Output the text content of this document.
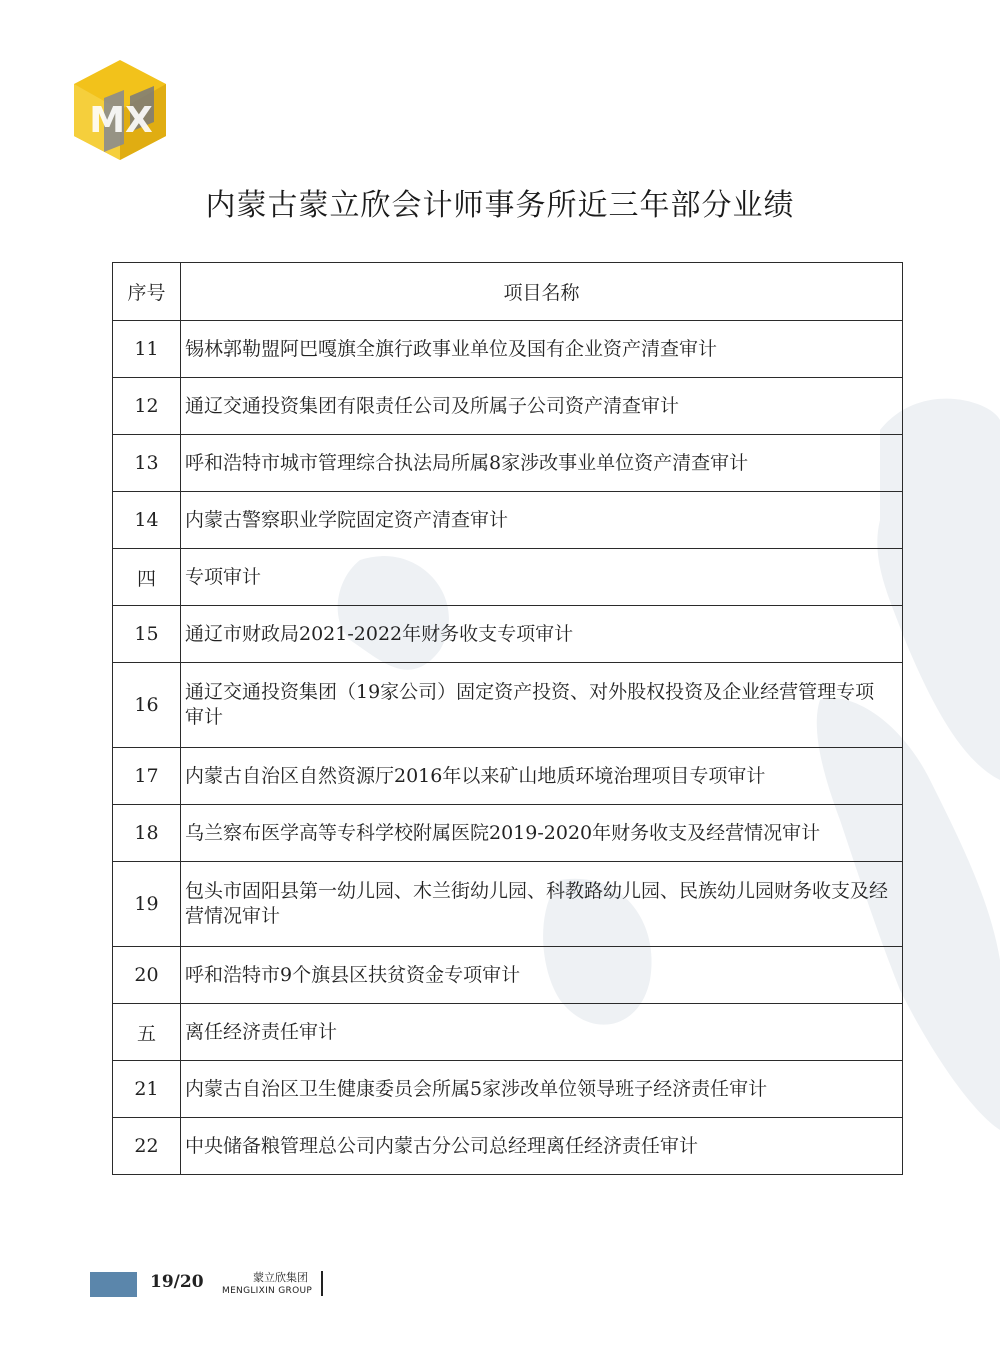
MX
内蒙古蒙立欣会计师事务所近三年部分业绩
序号	项目名称
11	锡林郭勒盟阿巴嘎旗全旗行政事业单位及国有企业资产清查审计
12	通辽交通投资集团有限责任公司及所属子公司资产清查审计
13	呼和浩特市城市管理综合执法局所属8家涉改事业单位资产清查审计
14	内蒙古警察职业学院固定资产清查审计
四	专项审计
15	通辽市财政局2021-2022年财务收支专项审计
16	通辽交通投资集团（19家公司）固定资产投资、对外股权投资及企业经营管理专项审计
17	内蒙古自治区自然资源厅2016年以来矿山地质环境治理项目专项审计
18	乌兰察布医学高等专科学校附属医院2019-2020年财务收支及经营情况审计
19	包头市固阳县第一幼儿园、木兰街幼儿园、科教路幼儿园、民族幼儿园财务收支及经营情况审计
20	呼和浩特市9个旗县区扶贫资金专项审计
五	离任经济责任审计
21	内蒙古自治区卫生健康委员会所属5家涉改单位领导班子经济责任审计
22	中央储备粮管理总公司内蒙古分公司总经理离任经济责任审计
19/20	蒙立欣集团
MENGLIXIN GROUP
